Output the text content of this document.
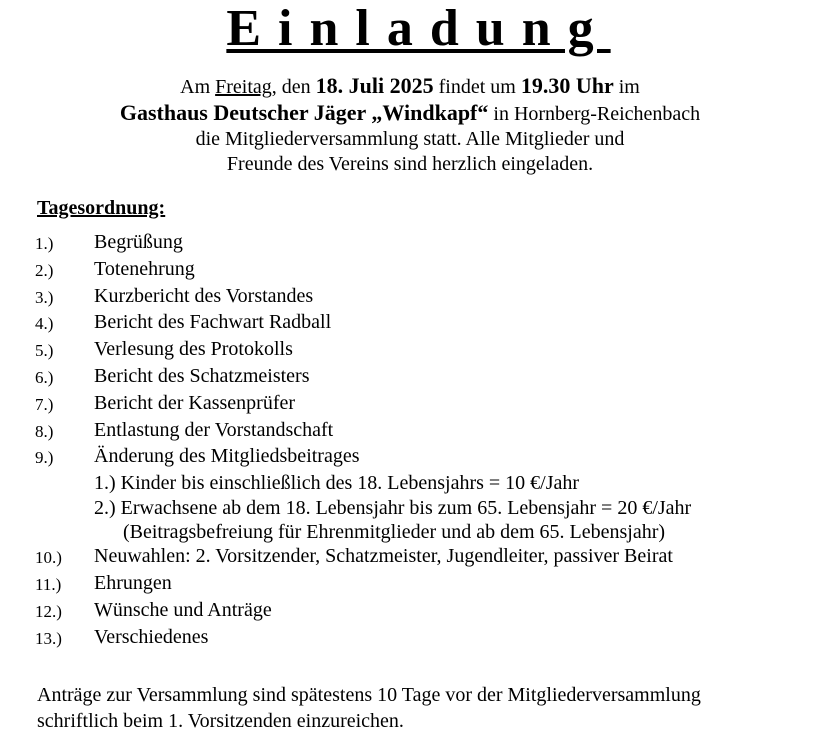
Einladung
Am Freitag, den 18. Juli 2025 findet um 19.30 Uhr im
Gasthaus Deutscher Jäger „Windkapf“ in Hornberg-Reichenbach
die Mitgliederversammlung statt. Alle Mitglieder und
Freunde des Vereins sind herzlich eingeladen.
Tagesordnung:
1.) Begrüßung
2.) Totenehrung
3.) Kurzbericht des Vorstandes
4.) Bericht des Fachwart Radball
5.) Verlesung des Protokolls
6.) Bericht des Schatzmeisters
7.) Bericht der Kassenprüfer
8.) Entlastung der Vorstandschaft
9.) Änderung des Mitgliedsbeitrages
1.) Kinder bis einschließlich des 18. Lebensjahrs = 10 €/Jahr
2.) Erwachsene ab dem 18. Lebensjahr bis zum 65. Lebensjahr = 20 €/Jahr
(Beitragsbefreiung für Ehrenmitglieder und ab dem 65. Lebensjahr)
10.) Neuwahlen: 2. Vorsitzender, Schatzmeister, Jugendleiter, passiver Beirat
11.) Ehrungen
12.) Wünsche und Anträge
13.) Verschiedenes
Anträge zur Versammlung sind spätestens 10 Tage vor der Mitgliederversammlung
schriftlich beim 1. Vorsitzenden einzureichen.
